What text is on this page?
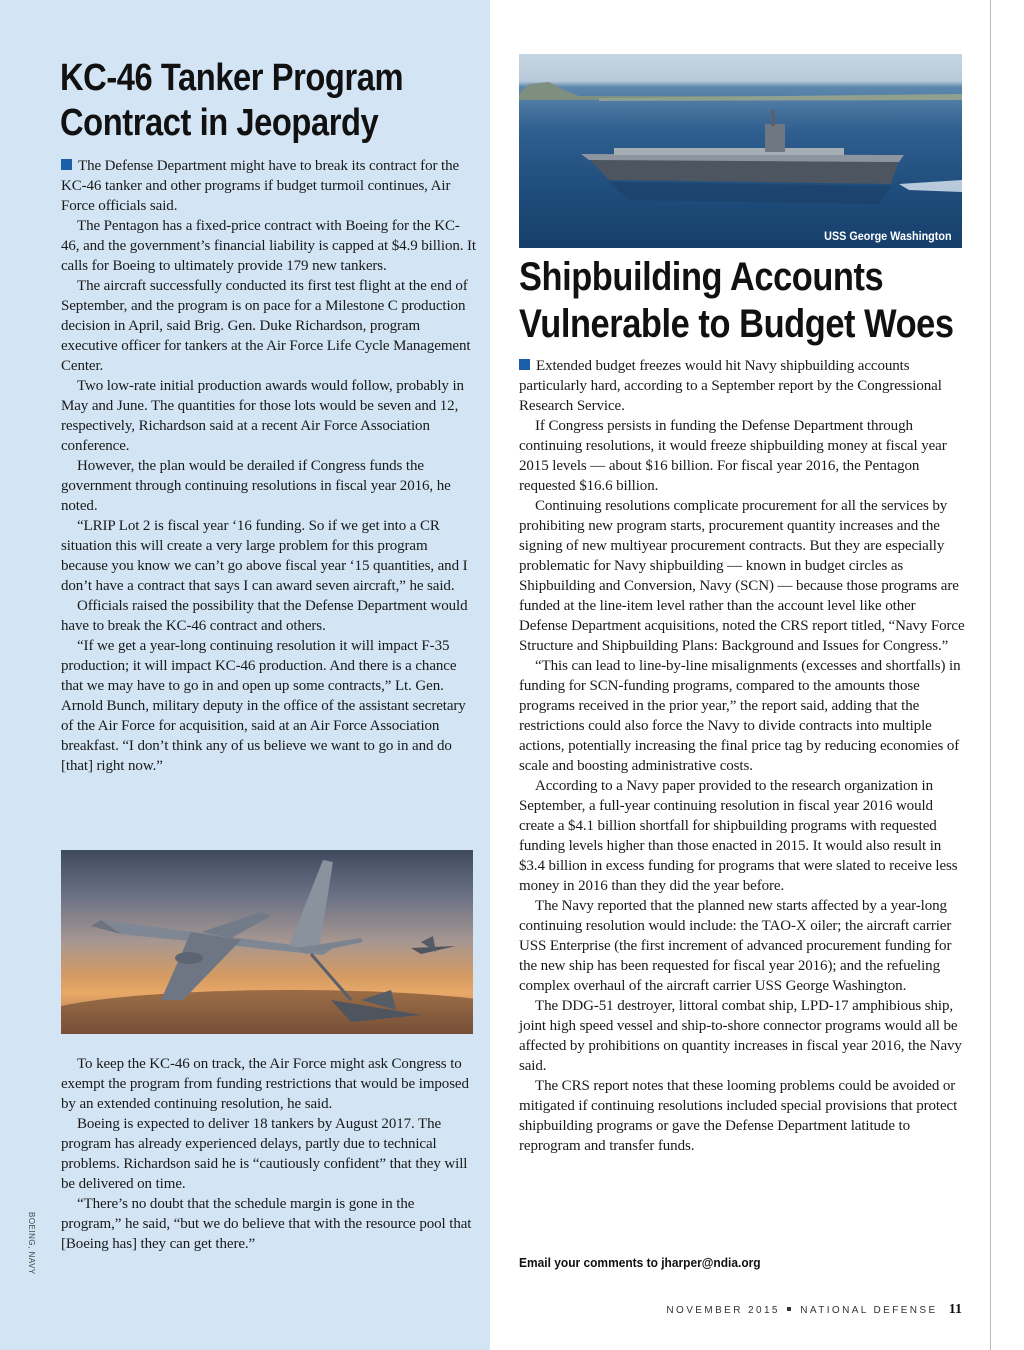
KC-46 Tanker Program
Contract in Jeopardy

The Defense Department might have to break its contract for the KC-46 tanker and other programs if budget turmoil continues, Air Force officials said.

The Pentagon has a fixed-price contract with Boeing for the KC-46, and the government’s financial liability is capped at $4.9 billion. It calls for Boeing to ultimately provide 179 new tankers.

The aircraft successfully conducted its first test flight at the end of September, and the program is on pace for a Milestone C production decision in April, said Brig. Gen. Duke Richardson, program executive officer for tankers at the Air Force Life Cycle Management Center.

Two low-rate initial production awards would follow, probably in May and June. The quantities for those lots would be seven and 12, respectively, Richardson said at a recent Air Force Association conference.

However, the plan would be derailed if Congress funds the government through continuing resolutions in fiscal year 2016, he noted.

“LRIP Lot 2 is fiscal year ‘16 funding. So if we get into a CR situation this will create a very large problem for this program because you know we can’t go above fiscal year ‘15 quantities, and I don’t have a contract that says I can award seven aircraft,” he said.

Officials raised the possibility that the Defense Department would have to break the KC-46 contract and others.

“If we get a year-long continuing resolution it will impact F-35 production; it will impact KC-46 production. And there is a chance that we may have to go in and open up some contracts,” Lt. Gen. Arnold Bunch, military deputy in the office of the assistant secretary of the Air Force for acquisition, said at an Air Force Association breakfast. “I don’t think any of us believe we want to go in and do [that] right now.”

To keep the KC-46 on track, the Air Force might ask Congress to exempt the program from funding restrictions that would be imposed by an extended continuing resolution, he said.

Boeing is expected to deliver 18 tankers by August 2017. The program has already experienced delays, partly due to technical problems. Richardson said he is “cautiously confident” that they will be delivered on time.

“There’s no doubt that the schedule margin is gone in the program,” he said, “but we do believe that with the resource pool that [Boeing has] they can get there.”

BOEING, NAVY
USS George Washington
Shipbuilding Accounts
Vulnerable to Budget Woes

Extended budget freezes would hit Navy shipbuilding accounts particularly hard, according to a September report by the Congressional Research Service.

If Congress persists in funding the Defense Department through continuing resolutions, it would freeze shipbuilding money at fiscal year 2015 levels — about $16 billion. For fiscal year 2016, the Pentagon requested $16.6 billion.

Continuing resolutions complicate procurement for all the services by prohibiting new program starts, procurement quantity increases and the signing of new multiyear procurement contracts. But they are especially problematic for Navy shipbuilding — known in budget circles as Shipbuilding and Conversion, Navy (SCN) — because those programs are funded at the line-item level rather than the account level like other Defense Department acquisitions, noted the CRS report titled, “Navy Force Structure and Shipbuilding Plans: Background and Issues for Congress.”

“This can lead to line-by-line misalignments (excesses and shortfalls) in funding for SCN-funding programs, compared to the amounts those programs received in the prior year,” the report said, adding that the restrictions could also force the Navy to divide contracts into multiple actions, potentially increasing the final price tag by reducing economies of scale and boosting administrative costs.

According to a Navy paper provided to the research organization in September, a full-year continuing resolution in fiscal year 2016 would create a $4.1 billion shortfall for shipbuilding programs with requested funding levels higher than those enacted in 2015. It would also result in $3.4 billion in excess funding for programs that were slated to receive less money in 2016 than they did the year before.

The Navy reported that the planned new starts affected by a year-long continuing resolution would include: the TAO-X oiler; the aircraft carrier USS Enterprise (the first increment of advanced procurement funding for the new ship has been requested for fiscal year 2016); and the refueling complex overhaul of the aircraft carrier USS George Washington.

The DDG-51 destroyer, littoral combat ship, LPD-17 amphibious ship, joint high speed vessel and ship-to-shore connector programs would all be affected by prohibitions on quantity increases in fiscal year 2016, the Navy said.

The CRS report notes that these looming problems could be avoided or mitigated if continuing resolutions included special provisions that protect shipbuilding programs or gave the Defense Department latitude to reprogram and transfer funds.

Email your comments to jharper@ndia.org
NOVEMBER 2015 NATIONAL DEFENSE 11
